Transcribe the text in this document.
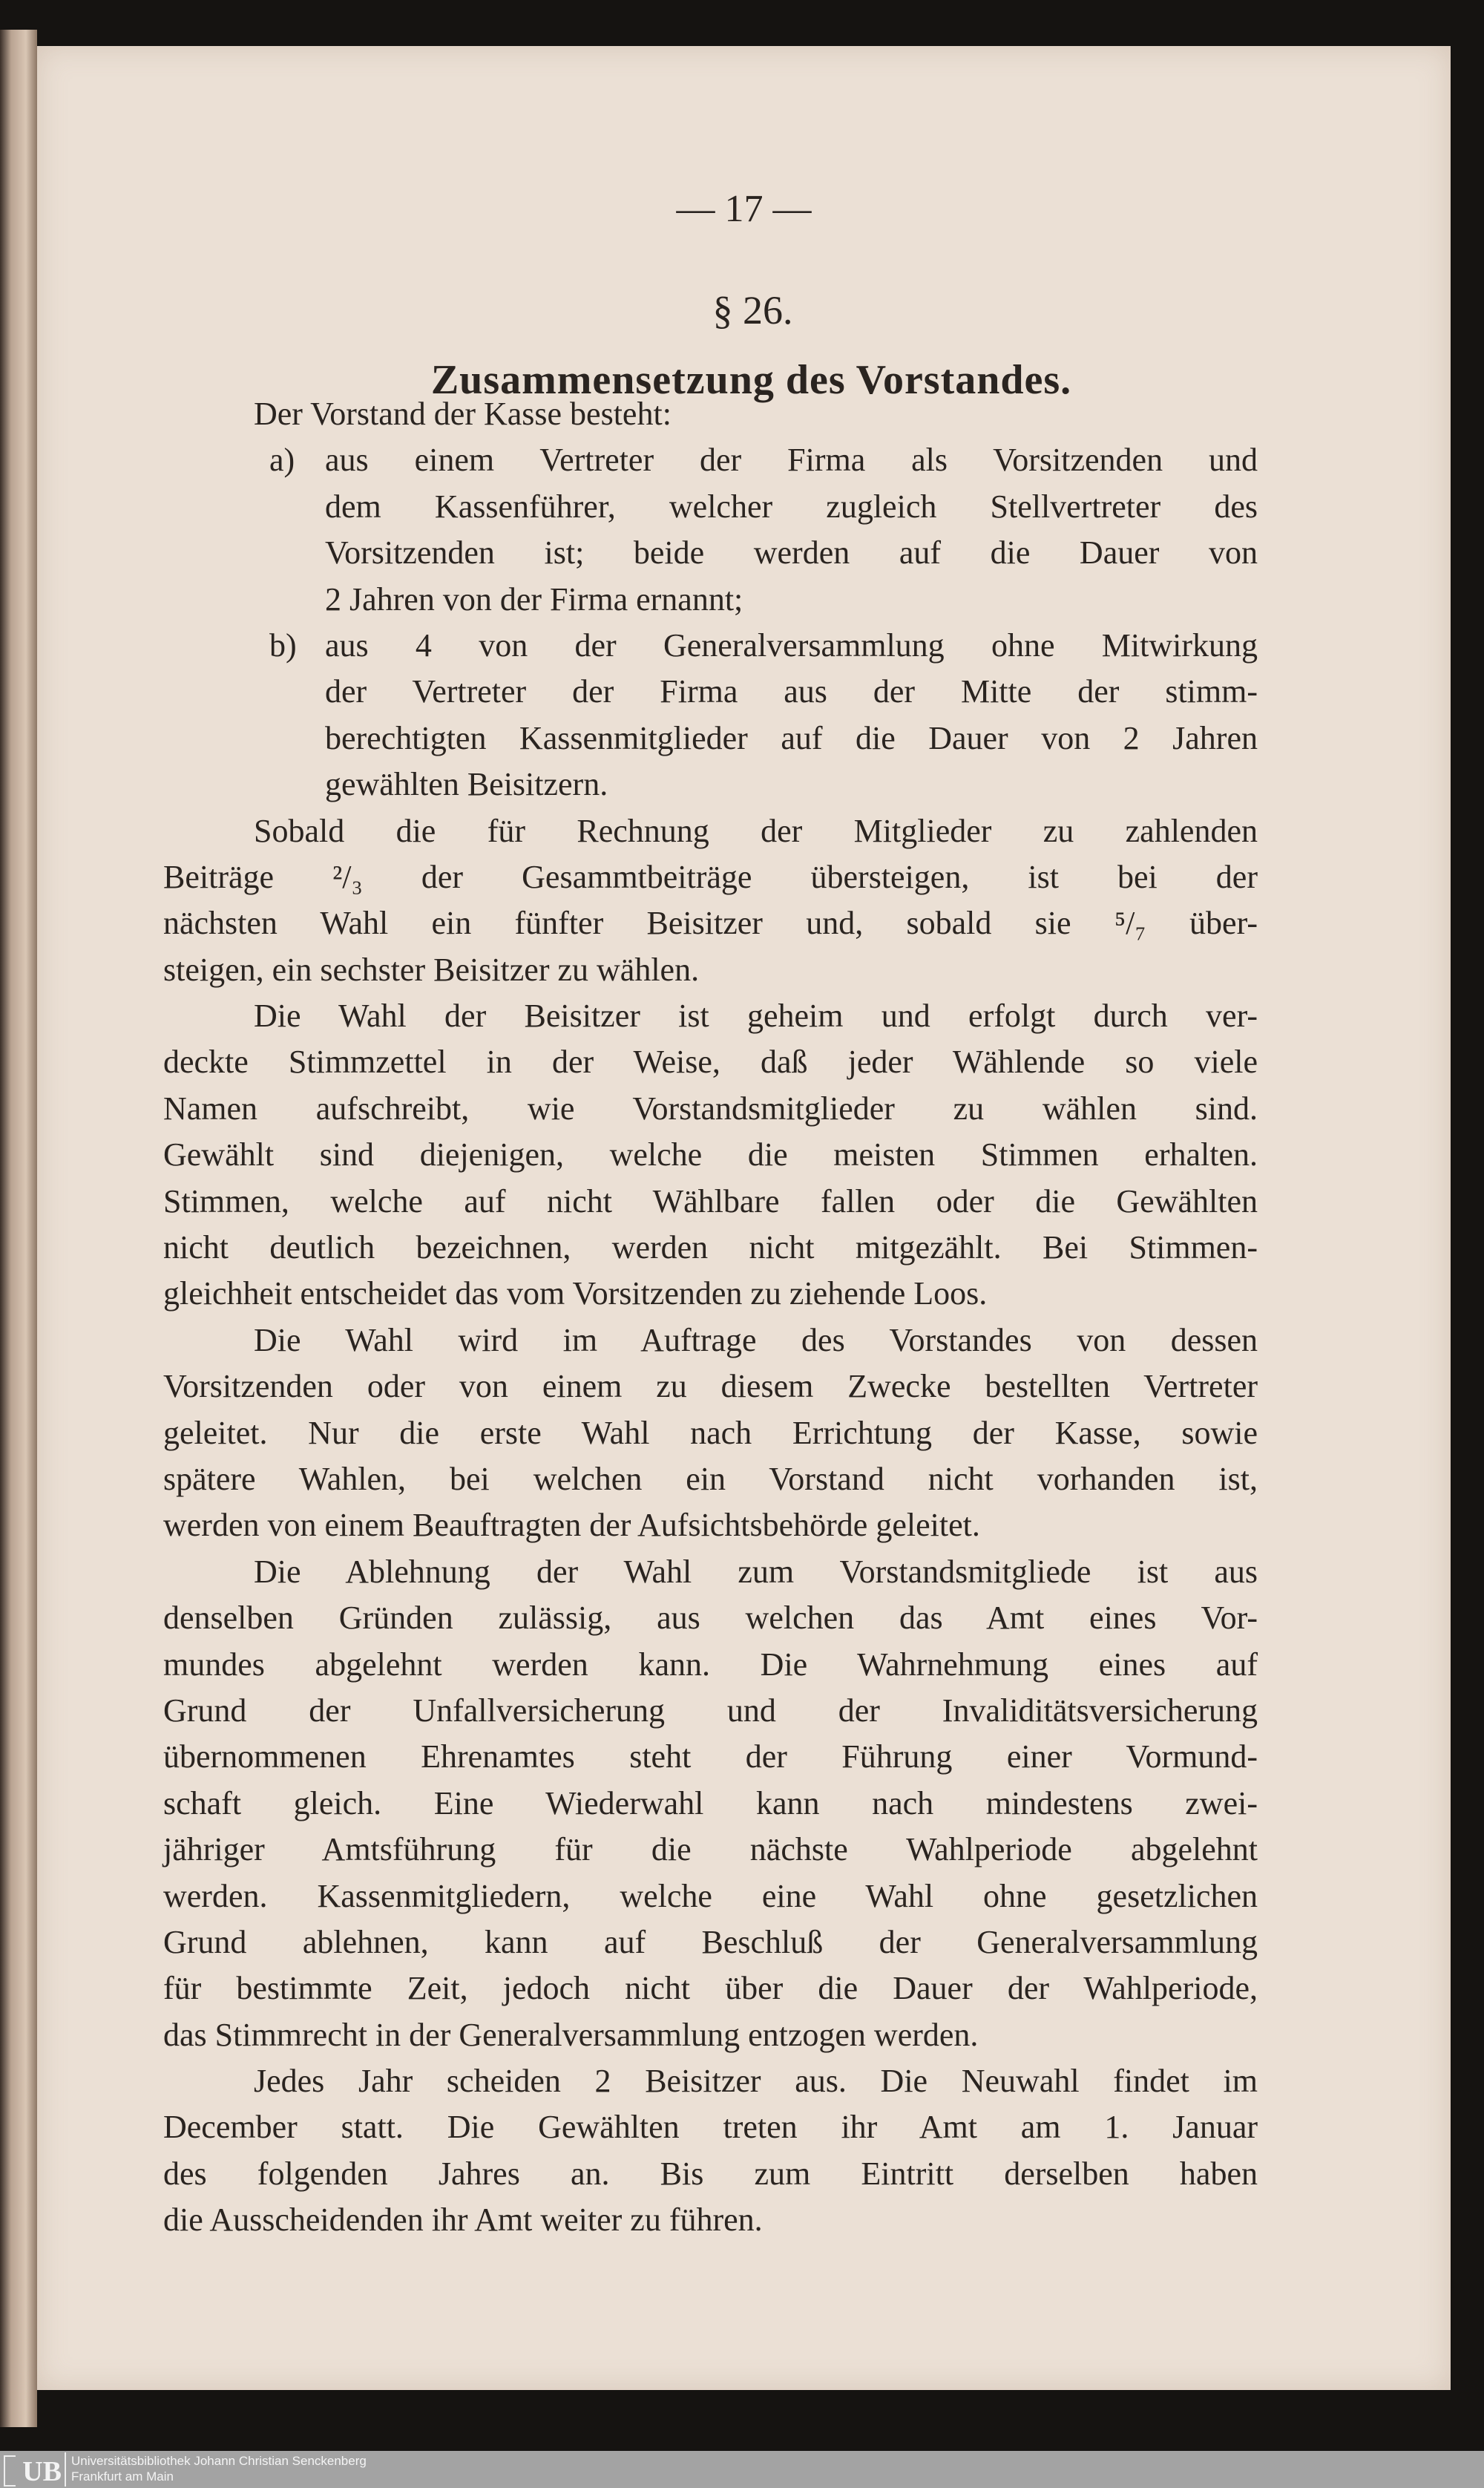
— 17 —
§ 26.
Zusammensetzung des Vorstandes.
Der Vorstand der Kasse besteht:
a) aus einem Vertreter der Firma als Vorsitzenden und
dem Kassenführer, welcher zugleich Stellvertreter des
Vorsitzenden ist; beide werden auf die Dauer von
2 Jahren von der Firma ernannt;
b) aus 4 von der Generalversammlung ohne Mitwirkung
der Vertreter der Firma aus der Mitte der stimm-
berechtigten Kassenmitglieder auf die Dauer von 2 Jahren
gewählten Beisitzern.
Sobald die für Rechnung der Mitglieder zu zahlenden
Beiträge ²/₃ der Gesammtbeiträge übersteigen, ist bei der
nächsten Wahl ein fünfter Beisitzer und, sobald sie ⁵/₇ über-
steigen, ein sechster Beisitzer zu wählen.
Die Wahl der Beisitzer ist geheim und erfolgt durch ver-
deckte Stimmzettel in der Weise, daß jeder Wählende so viele
Namen aufschreibt, wie Vorstandsmitglieder zu wählen sind.
Gewählt sind diejenigen, welche die meisten Stimmen erhalten.
Stimmen, welche auf nicht Wählbare fallen oder die Gewählten
nicht deutlich bezeichnen, werden nicht mitgezählt. Bei Stimmen-
gleichheit entscheidet das vom Vorsitzenden zu ziehende Loos.
Die Wahl wird im Auftrage des Vorstandes von dessen
Vorsitzenden oder von einem zu diesem Zwecke bestellten Vertreter
geleitet. Nur die erste Wahl nach Errichtung der Kasse, sowie
spätere Wahlen, bei welchen ein Vorstand nicht vorhanden ist,
werden von einem Beauftragten der Aufsichtsbehörde geleitet.
Die Ablehnung der Wahl zum Vorstandsmitgliede ist aus
denselben Gründen zulässig, aus welchen das Amt eines Vor-
mundes abgelehnt werden kann. Die Wahrnehmung eines auf
Grund der Unfallversicherung und der Invaliditätsversicherung
übernommenen Ehrenamtes steht der Führung einer Vormund-
schaft gleich. Eine Wiederwahl kann nach mindestens zwei-
jähriger Amtsführung für die nächste Wahlperiode abgelehnt
werden. Kassenmitgliedern, welche eine Wahl ohne gesetzlichen
Grund ablehnen, kann auf Beschluß der Generalversammlung
für bestimmte Zeit, jedoch nicht über die Dauer der Wahlperiode,
das Stimmrecht in der Generalversammlung entzogen werden.
Jedes Jahr scheiden 2 Beisitzer aus. Die Neuwahl findet im
December statt. Die Gewählten treten ihr Amt am 1. Januar
des folgenden Jahres an. Bis zum Eintritt derselben haben
die Ausscheidenden ihr Amt weiter zu führen.
UB Universitätsbibliothek Johann Christian Senckenberg
Frankfurt am Main
